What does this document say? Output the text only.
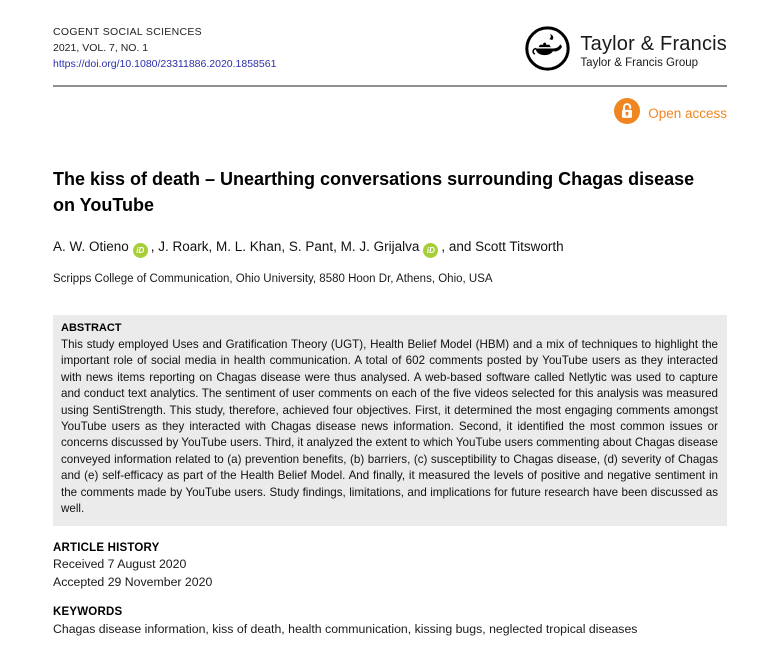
COGENT SOCIAL SCIENCES
2021, VOL. 7, NO. 1
https://doi.org/10.1080/23311886.2020.1858561
Taylor & Francis
Taylor & Francis Group
Open access
The kiss of death – Unearthing conversations surrounding Chagas disease on YouTube
A. W. Otieno iD , J. Roark, M. L. Khan, S. Pant, M. J. Grijalva iD , and Scott Titsworth
Scripps College of Communication, Ohio University, 8580 Hoon Dr, Athens, Ohio, USA
ABSTRACT
This study employed Uses and Gratification Theory (UGT), Health Belief Model (HBM) and a mix of techniques to highlight the important role of social media in health communication. A total of 602 comments posted by YouTube users as they interacted with news items reporting on Chagas disease were thus analysed. A web-based software called Netlytic was used to capture and conduct text analytics. The sentiment of user comments on each of the five videos selected for this analysis was measured using SentiStrength. This study, therefore, achieved four objectives. First, it determined the most engaging comments amongst YouTube users as they interacted with Chagas disease news information. Second, it identified the most common issues or concerns discussed by YouTube users. Third, it analyzed the extent to which YouTube users commenting about Chagas disease conveyed information related to (a) prevention benefits, (b) barriers, (c) susceptibility to Chagas disease, (d) severity of Chagas and (e) self-efficacy as part of the Health Belief Model. And finally, it measured the levels of positive and negative sentiment in the comments made by YouTube users. Study findings, limitations, and implications for future research have been discussed as well.
ARTICLE HISTORY
Received 7 August 2020
Accepted 29 November 2020
KEYWORDS
Chagas disease information, kiss of death, health communication, kissing bugs, neglected tropical diseases
